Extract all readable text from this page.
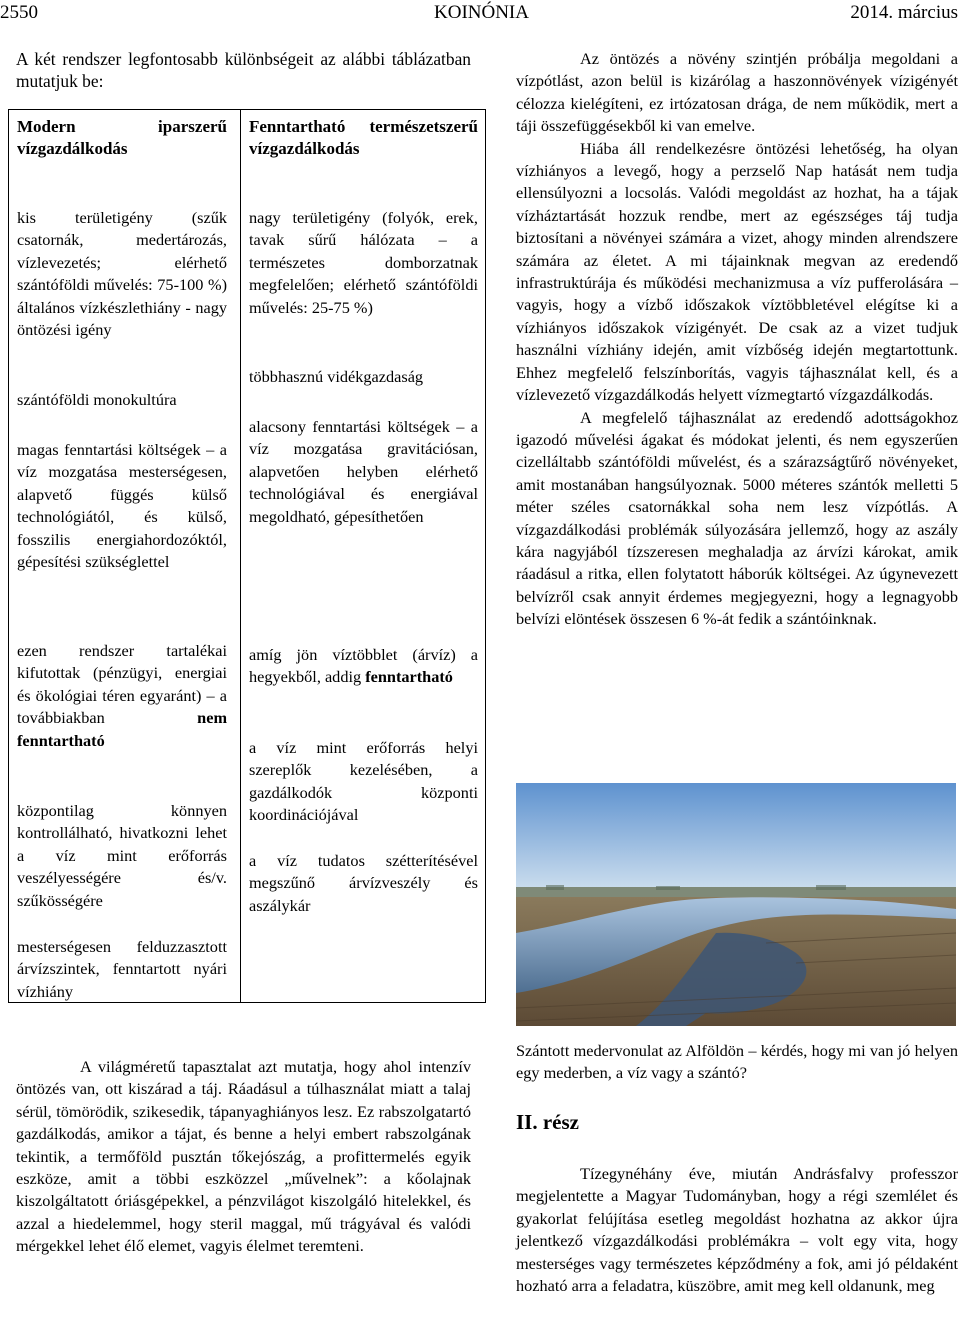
2550	KOINÓNIA	2014. március
A két rendszer legfontosabb különbségeit az alábbi táblázatban mutatjuk be:
Modern iparszerű vízgazdálkodás
Fenntartható természetszerű vízgazdálkodás
kis területigény (szűk csatornák, medertározás, vízlevezetés; elérhető szántóföldi művelés: 75-100 %) általános vízkészlethiány - nagy öntözési igény
nagy területigény (folyók, erek, tavak sűrű hálózata – a természetes domborzatnak megfelelően; elérhető szántóföldi művelés: 25-75 %)
szántóföldi monokultúra
többhasznú vidékgazdaság
magas fenntartási költségek – a víz mozgatása mesterségesen, alapvető függés külső technológiától, és külső, fosszilis energiahordozóktól, gépesítési szükséglettel
alacsony fenntartási költségek – a víz mozgatása gravitációsan, alapvetően helyben elérhető technológiával és energiával megoldható, gépesíthetően
ezen rendszer tartalékai kifutottak (pénzügyi, energiai és ökológiai téren egyaránt) – a továbbiakban nem fenntartható
amíg jön víztöbblet (árvíz) a hegyekből, addig fenntartható
központilag könnyen kontrollálható, hivatkozni lehet a víz mint erőforrás veszélyességére és/v. szűkösségére
a víz mint erőforrás helyi szereplők kezelésében, a gazdálkodók központi koordinációjával
mesterségesen felduzzasztott árvízszintek, fenntartott nyári vízhiány
a víz tudatos szétterítésével megszűnő árvízveszély és aszálykár

Az öntözés a növény szintjén próbálja megoldani a vízpótlást, azon belül is kizárólag a haszonnövények vízigényét célozza kielégíteni, ez irtózatosan drága, de nem működik, mert a táji összefüggésekből ki van emelve.

Hiába áll rendelkezésre öntözési lehetőség, ha olyan vízhiányos a levegő, hogy a perzselő Nap hatását nem tudja ellensúlyozni a locsolás. Valódi megoldást az hozhat, ha a tájak vízháztartását hozzuk rendbe, mert az egészséges táj tudja biztosítani a növényei számára a vizet, ahogy minden alrendszere számára az életet. A mi tájainknak megvan az eredendő infrastruktúrája és működési mechanizmusa a víz pufferolására – vagyis, hogy a vízbő időszakok víztöbbletével elégítse ki a vízhiányos időszakok vízigényét. De csak az a vizet tudjuk használni vízhiány idején, amit vízbőség idején megtartottunk. Ehhez megfelelő felszínborítás, vagyis tájhasználat kell, és a vízlevezető vízgazdálkodás helyett vízmegtartó vízgazdálkodás.

A megfelelő tájhasználat az eredendő adottságokhoz igazodó művelési ágakat és módokat jelenti, és nem egyszerűen cizelláltabb szántóföldi művelést, és a szárazságtűrő növényeket, amit mostanában hangsúlyoznak. 5000 méteres szántók melletti 5 méter széles csatornákkal soha nem lesz vízpótlás. A vízgazdálkodási problémák súlyozására jellemző, hogy az aszály kára nagyjából tízszeresen meghaladja az árvízi károkat, amik ráadásul a ritka, ellen folytatott háborúk költségei. Az úgynevezett belvízről csak annyit érdemes megjegyezni, hogy a legnagyobb belvízi elöntések összesen 6 %-át fedik a szántóinknak.

Szántott medervonulat az Alföldön – kérdés, hogy mi van jó helyen egy mederben, a víz vagy a szántó?
II. rész

Tízegynéhány éve, miután Andrásfalvy professzor megjelentette a Magyar Tudományban, hogy a régi szemlélet és gyakorlat felújítása esetleg megoldást hozhatna az akkor újra jelentkező vízgazdálkodási problémákra – volt egy vita, hogy mesterséges vagy természetes képződmény a fok, ami jó példaként hozható arra a feladatra, küszöbre, amit meg kell oldanunk, meg

A világméretű tapasztalat azt mutatja, hogy ahol intenzív öntözés van, ott kiszárad a táj. Ráadásul a túlhasználat miatt a talaj sérül, tömörödik, szikesedik, tápanyaghiányos lesz. Ez rabszolgatartó gazdálkodás, amikor a tájat, és benne a helyi embert rabszolgának tekintik, a termőföld pusztán tőkejószág, a profittermelés egyik eszköze, amit a többi eszközzel „művelnek”: a kőolajnak kiszolgáltatott óriásgépekkel, a pénzvilágot kiszolgáló hitelekkel, és azzal a hiedelemmel, hogy steril maggal, mű trágyával és valódi mérgekkel lehet élő elemet, vagyis élelmet teremteni.
